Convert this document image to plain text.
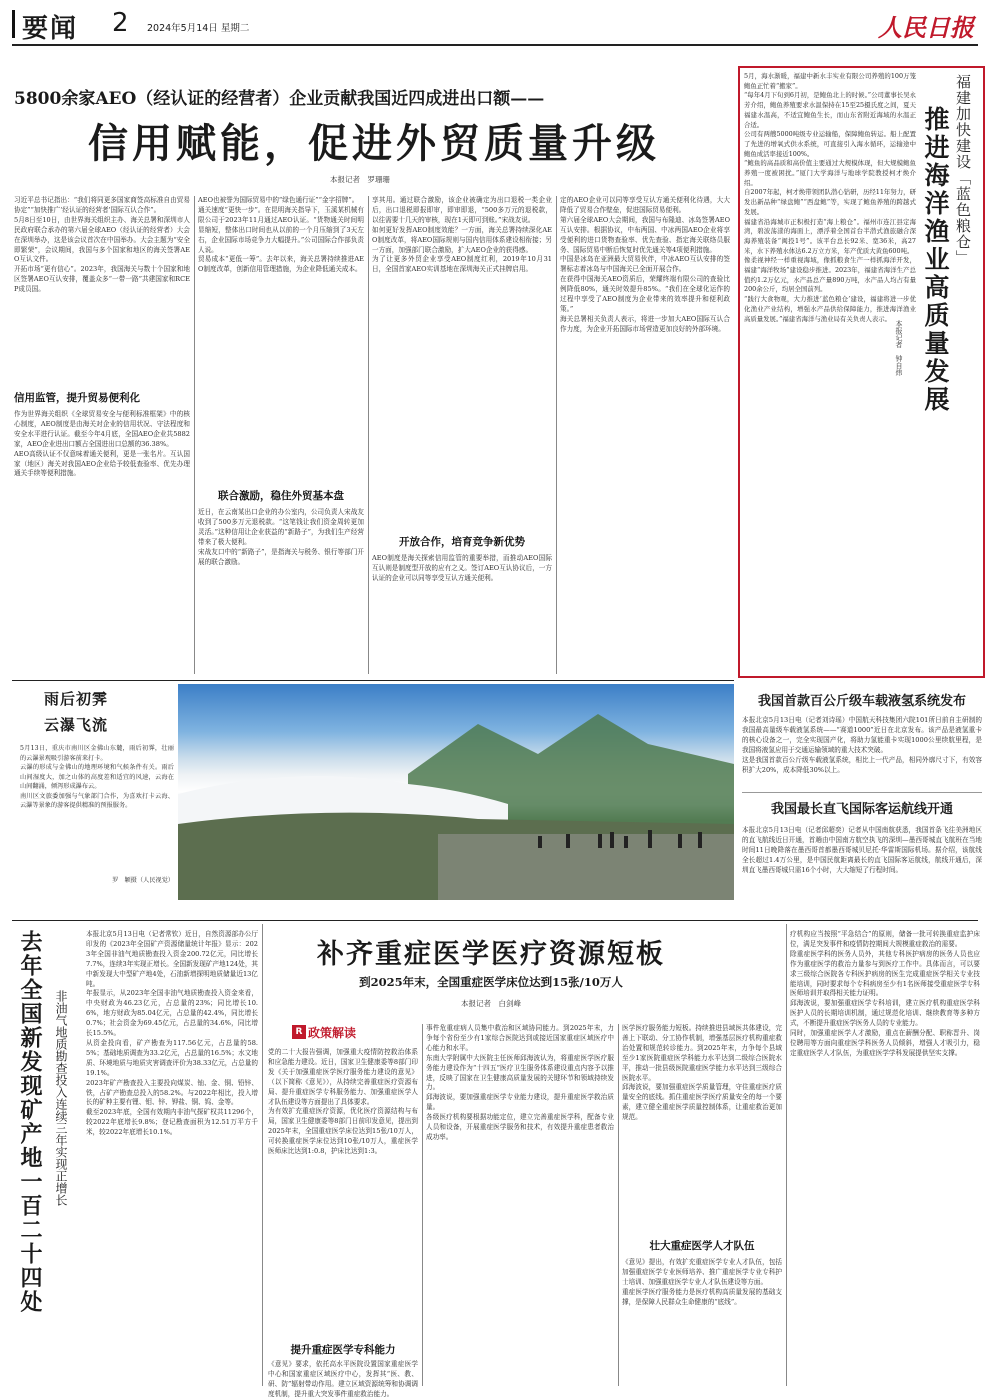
要闻 2 2024年5月14日 星期二	人民日报
5800余家AEO（经认证的经营者）企业贡献我国近四成进出口额——
信用赋能，促进外贸质量升级
本报记者　罗珊珊
习近平总书记指出：“我们将同更多国家商签高标准自由贸易协定”“加快推广‘经认证的经营者’国际互认合作”。
5月8日至10日，由世界海关组织主办、海关总署和深圳市人民政府联合承办的第六届全球AEO（经认证的经营者）大会在深圳举办，这是该会议首次在中国举办。大会主题为“安全即繁荣”，会议期间，我国与多个国家和地区的海关签署AEO互认文件。
开拓市场“更有信心”。2023年，我国海关与数十个国家和地区签署AEO互认安排，覆盖众多“一带一路”共建国家和RCEP成员国。
信用监管，提升贸易便利化
作为世界海关组织《全球贸易安全与便利标准框架》中的核心制度，AEO制度是由海关对企业的信用状况、守法程度和安全水平进行认证。截至今年4月底，全国AEO企业共5882家，AEO企业进出口额占全国进出口总额的36.38%。
AEO高级认证不仅意味着通关便利，更是一张名片。互认国家（地区）海关对我国AEO企业给予较低查验率、优先办理通关手续等便利措施。
AEO也被誉为国际贸易中的“绿色通行证”“金字招牌”。
通关速度“更快一步”。在昆明海关指导下，玉溪某机械有限公司于2023年11月通过AEO认证。“货物通关时间明显缩短，整体出口时间也从以前的一个月压缩到了3天左右，企业国际市场竞争力大幅提升。”公司国际合作部负责人说。
贸易成本“更低一筹”。去年以来，海关总署持续推进AEO制度改革，创新信用管理措施，为企业降低通关成本。
联合激励，稳住外贸基本盘
近日，在云南某出口企业的办公室内，公司负责人宋战友收到了500多万元退税款。“这笔钱让我们资金周转更加灵活。”这种信用让企业获益的“新路子”，为我们生产经营带来了极大便利。
宋战友口中的“新路子”，是指海关与税务、银行等部门开展的联合激励。
享其用。通过联合激励，该企业被确定为出口退税一类企业后，出口退税即报即审，即审即退，“500多万元的退税款，以往需要十几天的审核，现在1天即可到账。”宋战友说。
如何更好发挥AEO制度效能？一方面，海关总署持续深化AEO制度改革，将AEO国际规则与国内信用体系建设相衔接；另一方面，加强部门联合激励，扩大AEO企业的获得感。
为了让更多外贸企业享受AEO制度红利，2019年10月31日，全国首家AEO实训基地在深圳海关正式挂牌启用。
开放合作，培育竞争新优势
AEO制度是海关探索信用监管的重要举措，而推动AEO国际互认则是制度型开放的应有之义。签订AEO互认协议后，一方认证的企业可以同等享受互认方通关便利。
定的AEO企业可以同等享受互认方通关便利化待遇，大大降低了贸易合作壁垒，促进国际贸易便利。
第六届全球AEO大会期间，我国与布隆迪、冰岛签署AEO互认安排。根据协议，中布两国、中冰两国AEO企业将享受便利的进口货物查验率、优先查验、指定海关联络员服务、国际贸易中断后恢复时优先通关等4项便利措施。
中国是冰岛在亚洲最大贸易伙伴，中冰AEO互认安排的签署标志着冰岛与中国海关已全面开展合作。
在获得中国海关AEO资质后，荣耀终端有限公司的查验比例降低80%，通关时效提升85%。“我们在全球化运作的过程中享受了AEO制度为企业带来的效率提升和便利政策。”
海关总署相关负责人表示，将进一步加大AEO国际互认合作力度，为企业开拓国际市场营造更加良好的外部环境。
5月，海水渐暖，福建中新水丰实业有限公司养殖的100万笼鲍鱼正忙着“搬家”。
“每年4月下旬到6月初，是鲍鱼北上的时候。”公司董事长吴永芳介绍，鲍鱼养殖要求水温保持在15至25摄氏度之间，夏天福建水温高，不适宜鲍鱼生长，而山东省附近海域的水温正合适。
公司有两艘5000吨级专业运输船，保障鲍鱼转运。船上配置了先进的增氧式供水系统，可直接引入海水循环，运输途中鲍鱼成活率接近100%。
“鲍鱼的高品质和高价值主要通过大规模体现，但大规模鲍鱼养殖一度被困扰。”厦门大学海洋与地球学院教授柯才焕介绍。
自2007年起，柯才焕带领团队潜心钻研，历经11年努力，研发出新品种“绿盘鲍”“西盘鲍”等，实现了鲍鱼养殖的跨越式发展。
福建省沿海城市正积极打造“海上粮仓”。福州市连江县定海湾，碧波荡漾的海面上，漂浮着全国首台半潜式渔旅融合深海养殖装备“闽投1号”。该平台总长92米、宽36米，高27米，水下养殖水体达6.2万立方米，年产优质大黄鱼600吨。
像柔视神经一样重视海域，像抓粮食生产一样抓海洋开发，福建“海洋牧场”建设稳步推进。2023年，福建省海洋生产总值约1.2万亿元，水产品总产量890万吨，水产品人均占有量200余公斤，均居全国前列。
“践行大食物观，大力推进‘蓝色粮仓’建设，福建将进一步优化渔业产业结构，增强水产品供给保障能力，推进海洋渔业高质量发展。”福建省海洋与渔业局有关负责人表示。
福建加快建设「蓝色粮仓」
推进海洋渔业高质量发展
本报记者　钟自炜
雨后初霁
云瀑飞流
5月13日，重庆市南川区金佛山东麓，雨后初霁，壮丽的云瀑景观吸引游客前来打卡。
云瀑的形成与金佛山的地理环境和气候条件有关。雨后山间湿度大，加之山体的高度差和适宜的风速，云海在山间翻涌，倾泻形成瀑布云。
南川区文旅委加强与气象部门合作，为喜欢打卡云海、云瀑等景象的游客提供精准的预报服务。
罗　颖摄（人民视觉）
我国首款百公斤级车载液氢系统发布
本报北京5月13日电（记者刘诗瑶）中国航天科技集团六院101所日前自主研制的我国最高量级车载液氢系统——“赛道1000”近日在北京发布。该产品是液氢重卡的核心设备之一，完全实现国产化，将助力氢能重卡实现1000公里续航里程，是我国将液氢应用于交通运输领域的重大技术突破。
这是我国首款百公斤级车载液氢系统，相比上一代产品，相同外廓尺寸下，有效容积扩大20%，成本降低30%以上。
我国最长直飞国际客运航线开通
本报北京5月13日电（记者邱超奕）记者从中国南航获悉，我国首条飞往美洲地区的直飞航线近日开通，首趟由中国南方航空执飞的深圳—墨西哥城直飞航班在当地时间11日晚降落在墨西哥首都墨西哥城贝尼托·华雷斯国际机场。据介绍，该航线全长超过1.4万公里，是中国民航距离最长的直飞国际客运航线，航线开通后，深圳直飞墨西哥城只需16个小时，大大缩短了行程时间。
去年全国新发现矿产地一百二十四处 非油气地质勘查投入连续三年实现正增长
本报北京5月13日电（记者常钦）近日，自然资源部办公厅印发的《2023年全国矿产资源储量统计年报》显示：2023年全国非油气地质勘查投入资金200.72亿元，同比增长7.7%，连续3年实现正增长。全国新发现矿产地124处，其中新发现大中型矿产地4处，石油新增探明地质储量近13亿吨。
年报显示，从2023年全国非油气地质勘查投入资金来看，中央财政为46.23亿元，占总量的23%；同比增长10.6%，地方财政为85.04亿元，占总量的42.4%，同比增长0.7%；社会资金为69.45亿元，占总量的34.6%，同比增长15.5%。
从资金投向看，矿产勘查为117.56亿元，占总量的58.5%；基础地质调查为33.2亿元，占总量的16.5%；水文地质、环境地质与地质灾害调查评价为38.33亿元，占总量的19.1%。
2023年矿产勘查投入主要投向煤炭、铀、金、铜、铅锌、铁，占矿产勘查总投入的58.2%。与2022年相比，投入增长的矿种主要有锂、钼、锌、钾盐、铜、钨、金等。
截至2023年底，全国有效期内非油气探矿权共11296个，较2022年底增长9.8%；登记勘查面积为12.51万平方千米，较2022年底增长10.1%。
补齐重症医学医疗资源短板
到2025年末，全国重症医学床位达到15张/10万人
本报记者　白剑峰
R 政策解读
党的二十大报告强调，加强重大疫情防控救治体系和应急能力建设。近日，国家卫生健康委等8部门印发《关于加强重症医学医疗服务能力建设的意见》（以下简称《意见》），从持续完善重症医疗资源布局、提升重症医学专科服务能力、加强重症医学人才队伍建设等方面提出了具体要求。
为有效扩充重症医疗资源，优化医疗资源结构与布局，国家卫生健康委等8部门日前印发意见，提出到2025年末，全国重症医学床位达到15张/10万人，可转换重症医学床位达到10张/10万人，重症医学医师床比达到1:0.8，护床比达到1:3。
提升重症医学专科能力
《意见》要求，依托高水平医院设置国家重症医学中心和国家重症区域医疗中心，发挥其“医、教、研、防”辐射带动作用。建立区域资源统筹和协调调度机制，提升重大突发事件重症救治能力。
事件危重症病人员集中救治和区域协同能力。到2025年末，力争每个省份至少有1家综合医院达到或接近国家重症区域医疗中心能力和水平。
东南大学附属中大医院主任医师邱海波认为，将重症医学医疗服务能力建设作为“十四五”医疗卫生服务体系建设重点内容予以推进，反映了国家在卫生健康高质量发展的关键环节和领域持续发力。
邱海波说，要加强重症医学专业能力建设，提升重症医学救治质量。
各级医疗机构要根据功能定位，建立完善重症医学科，配备专业人员和设备，开展重症医学服务和技术，有效提升重症患者救治成功率。
医学医疗服务能力短板。持续推进县域医共体建设，完善上下联动、分工协作机制，增强基层医疗机构重症救治处置和规范转诊能力。到2025年末，力争每个县域至少1家医院重症医学科能力水平达到二级综合医院水平，推动一批县级医院重症医学能力水平达到三级综合医院水平。
邱海波说，要加强重症医学质量管理，守住重症医疗质量安全的底线。抓住重症医学医疗质量安全的每一个要素，建立健全重症医学质量控制体系，让重症救治更加规范。
壮大重症医学人才队伍
《意见》提出，有效扩充重症医学专业人才队伍，包括加强重症医学专业医师培养、推广重症医学专业专科护士培训、加强重症医学专业人才队伍建设等方面。
重症医学医疗服务能力是医疗机构高质量发展的基础支撑，是保障人民群众生命健康的“底线”。
疗机构应当按照“平急结合”的原则，储备一批可转换重症监护床位，满足突发事件和疫情防控期间大规模重症救治的需要。
除重症医学科的医务人员外，其他专科医护病房的医务人员也应作为重症医学的救治力量参与到医疗工作中。具体而言，可以要求三级综合医院各专科医护病房的医生完成重症医学相关专业技能培训，同时要求每个专科病房至少有1名医师接受重症医学专科医师培训并取得相关能力证明。
邱海波说，要加强重症医学专科培训，建立医疗机构重症医学科医护人员的长期培训机制，通过规范化培训、继续教育等多种方式，不断提升重症医学医务人员的专业能力。
同时，加强重症医学人才激励，重点在薪酬分配、职称晋升、岗位聘用等方面向重症医学科医务人员倾斜，增强人才吸引力，稳定重症医学人才队伍，为重症医学学科发展提供坚实支撑。
